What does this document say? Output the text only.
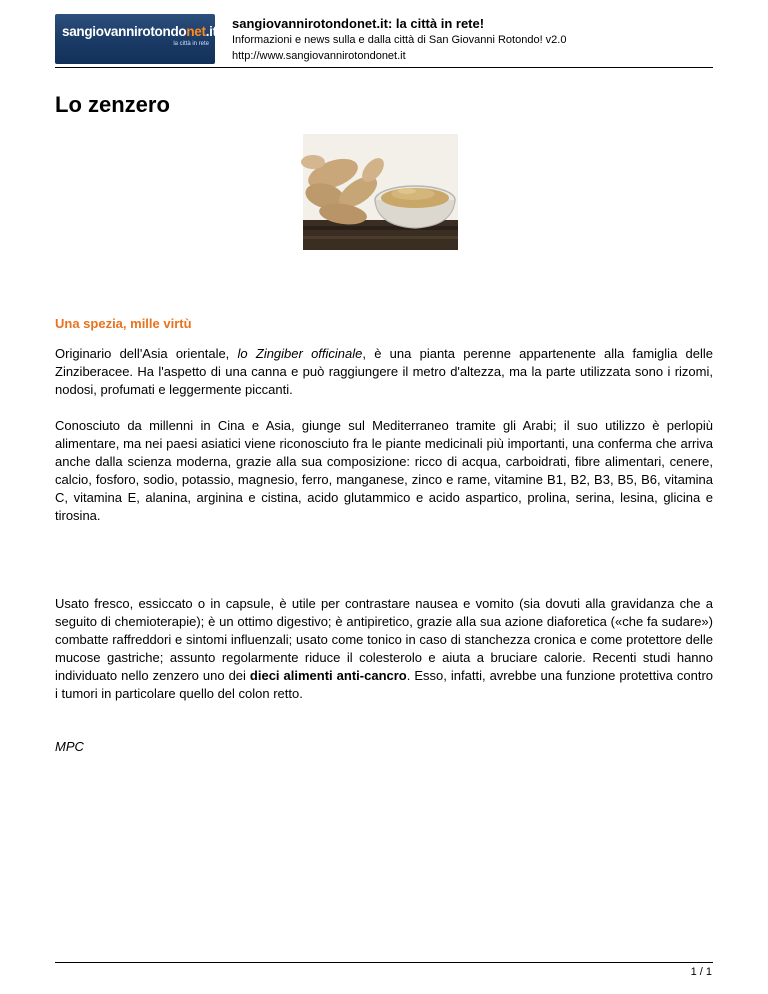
sangiovannirotondonet.it
la città in rete
sangiovannirotondonet.it: la città in rete!
Informazioni e news sulla e dalla città di San Giovanni Rotondo! v2.0
http://www.sangiovannirotondonet.it
Lo zenzero
Una spezia, mille virtù

Originario dell'Asia orientale, lo Zingiber officinale, è una pianta perenne appartenente alla famiglia delle Zinziberacee. Ha l'aspetto di una canna e può raggiungere il metro d'altezza, ma la parte utilizzata sono i rizomi, nodosi, profumati e leggermente piccanti.

Conosciuto da millenni in Cina e Asia, giunge sul Mediterraneo tramite gli Arabi; il suo utilizzo è perlopiù alimentare, ma nei paesi asiatici viene riconosciuto fra le piante medicinali più importanti, una conferma che arriva anche dalla scienza moderna, grazie alla sua composizione: ricco di acqua, carboidrati, fibre alimentari, cenere, calcio, fosforo, sodio, potassio, magnesio, ferro, manganese, zinco e rame, vitamine B1, B2, B3, B5, B6, vitamina C, vitamina E, alanina, arginina e cistina, acido glutammico e acido aspartico, prolina, serina, lesina, glicina e tirosina.

Usato fresco, essiccato o in capsule, è utile per contrastare nausea e vomito (sia dovuti alla gravidanza che a seguito di chemioterapie); è un ottimo digestivo; è antipiretico, grazie alla sua azione diaforetica («che fa sudare») combatte raffreddori e sintomi influenzali; usato come tonico in caso di stanchezza cronica e come protettore delle mucose gastriche; assunto regolarmente riduce il colesterolo e aiuta a bruciare calorie. Recenti studi hanno individuato nello zenzero uno dei dieci alimenti anti-cancro. Esso, infatti, avrebbe una funzione protettiva contro i tumori in particolare quello del colon retto.

MPC
1 / 1
